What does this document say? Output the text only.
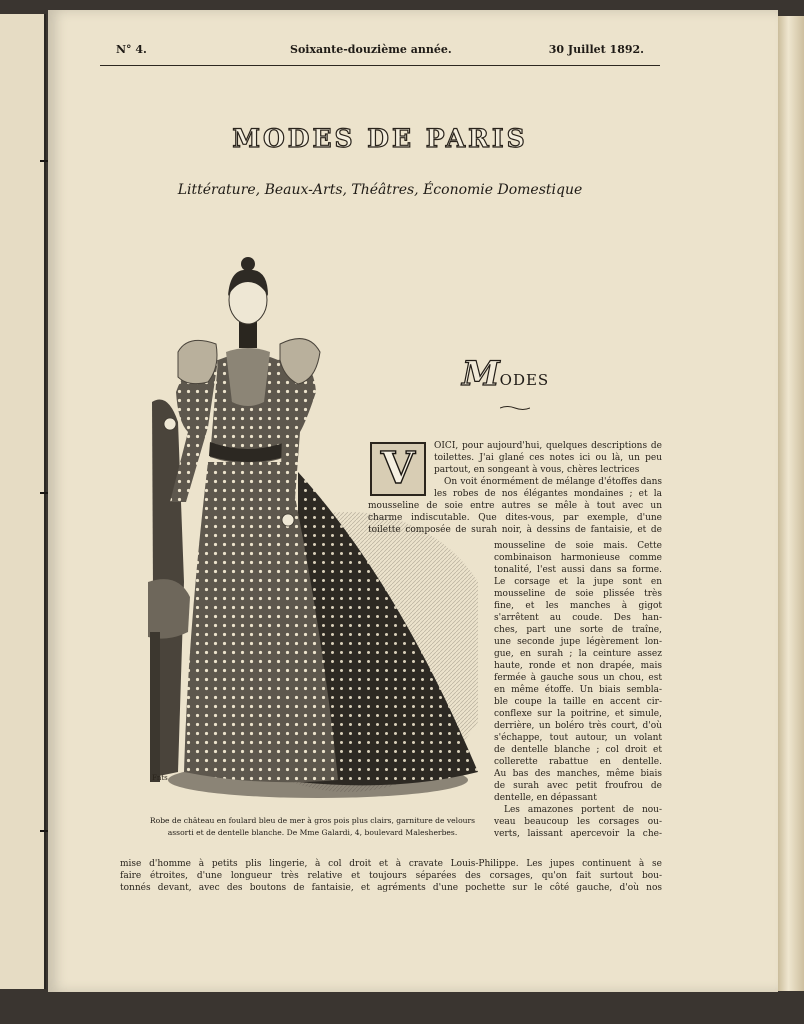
N° 4.	Soixante-douzième année.	30 Juillet 1892.
MODES DE PARIS
Littérature, Beaux-Arts, Théâtres, Économie Domestique
Fnts
Robe de château en foulard bleu de mer à gros pois plus clairs, garniture de velours
assorti et de dentelle blanche. De Mme Galardi, 4, boulevard Malesherbes.
MODES
V OICI, pour aujourd'hui, quelques descriptions de
toilettes. J'ai glané ces notes ici ou là, un peu
partout, en songeant à vous, chères lectrices
On voit énormément de mélange d'étoffes dans
les robes de nos élégantes mondaines ; et la
mousseline de soie entre autres se mêle à tout avec un
charme indiscutable. Que dites-vous, par exemple, d'une
toilette composée de surah noir, à dessins de fantaisie, et de
mousseline de soie mais. Cette
combinaison harmonieuse comme
tonalité, l'est aussi dans sa forme.
Le corsage et la jupe sont en
mousseline de soie plissée très
fine, et les manches à gigot
s'arrêtent au coude. Des han-
ches, part une sorte de traîne,
une seconde jupe légèrement lon-
gue, en surah ; la ceinture assez
haute, ronde et non drapée, mais
fermée à gauche sous un chou, est
en même étoffe. Un biais sembla-
ble coupe la taille en accent cir-
conflexe sur la poitrine, et simule,
derrière, un boléro très court, d'où
s'échappe, tout autour, un volant
de dentelle blanche ; col droit et
collerette rabattue en dentelle.
Au bas des manches, même biais
de surah avec petit froufrou de
dentelle, en dépassant
Les amazones portent de nou-
veau beaucoup les corsages ou-
verts, laissant apercevoir la che-
mise d'homme à petits plis lingerie, à col droit et à cravate Louis-Philippe. Les jupes continuent à se
faire étroites, d'une longueur très relative et toujours séparées des corsages, qu'on fait surtout bou-
tonnés devant, avec des boutons de fantaisie, et agréments d'une pochette sur le côté gauche, d'où nos
